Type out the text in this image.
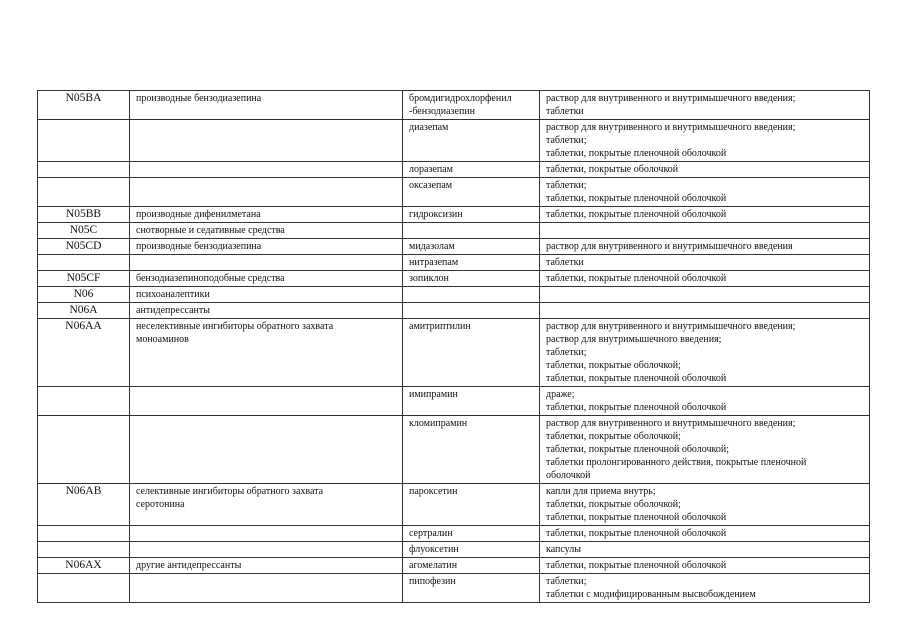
N05BA	производные бензодиазепина	бромдигидрохлорфенил
-бензодиазепин	раствор для внутривенного и внутримышечного введения;
таблетки

		диазепам	раствор для внутривенного и внутримышечного введения;
таблетки;
таблетки, покрытые пленочной оболочкой

		лоразепам	таблетки, покрытые оболочкой

		оксазепам	таблетки;
таблетки, покрытые пленочной оболочкой

N05BB	производные дифенилметана	гидроксизин	таблетки, покрытые пленочной оболочкой

N05C	снотворные и седативные средства		

N05CD	производные бензодиазепина	мидазолам	раствор для внутривенного и внутримышечного введения

		нитразепам	таблетки

N05CF	бензодиазепиноподобные средства	зопиклон	таблетки, покрытые пленочной оболочкой

N06	психоаналептики		

N06A	антидепрессанты		

N06AA	неселективные ингибиторы обратного захвата
моноаминов	амитриптилин	раствор для внутривенного и внутримышечного введения;
раствор для внутримышечного введения;
таблетки;
таблетки, покрытые оболочкой;
таблетки, покрытые пленочной оболочкой

		имипрамин	драже;
таблетки, покрытые пленочной оболочкой

		кломипрамин	раствор для внутривенного и внутримышечного введения;
таблетки, покрытые оболочкой;
таблетки, покрытые пленочной оболочкой;
таблетки пролонгированного действия, покрытые пленочной
оболочкой

N06AB	селективные ингибиторы обратного захвата
серотонина	пароксетин	капли для приема внутрь;
таблетки, покрытые оболочкой;
таблетки, покрытые пленочной оболочкой

		сертралин	таблетки, покрытые пленочной оболочкой

		флуоксетин	капсулы

N06AX	другие антидепрессанты	агомелатин	таблетки, покрытые пленочной оболочкой

		пипофезин	таблетки;
таблетки с модифицированным высвобождением
